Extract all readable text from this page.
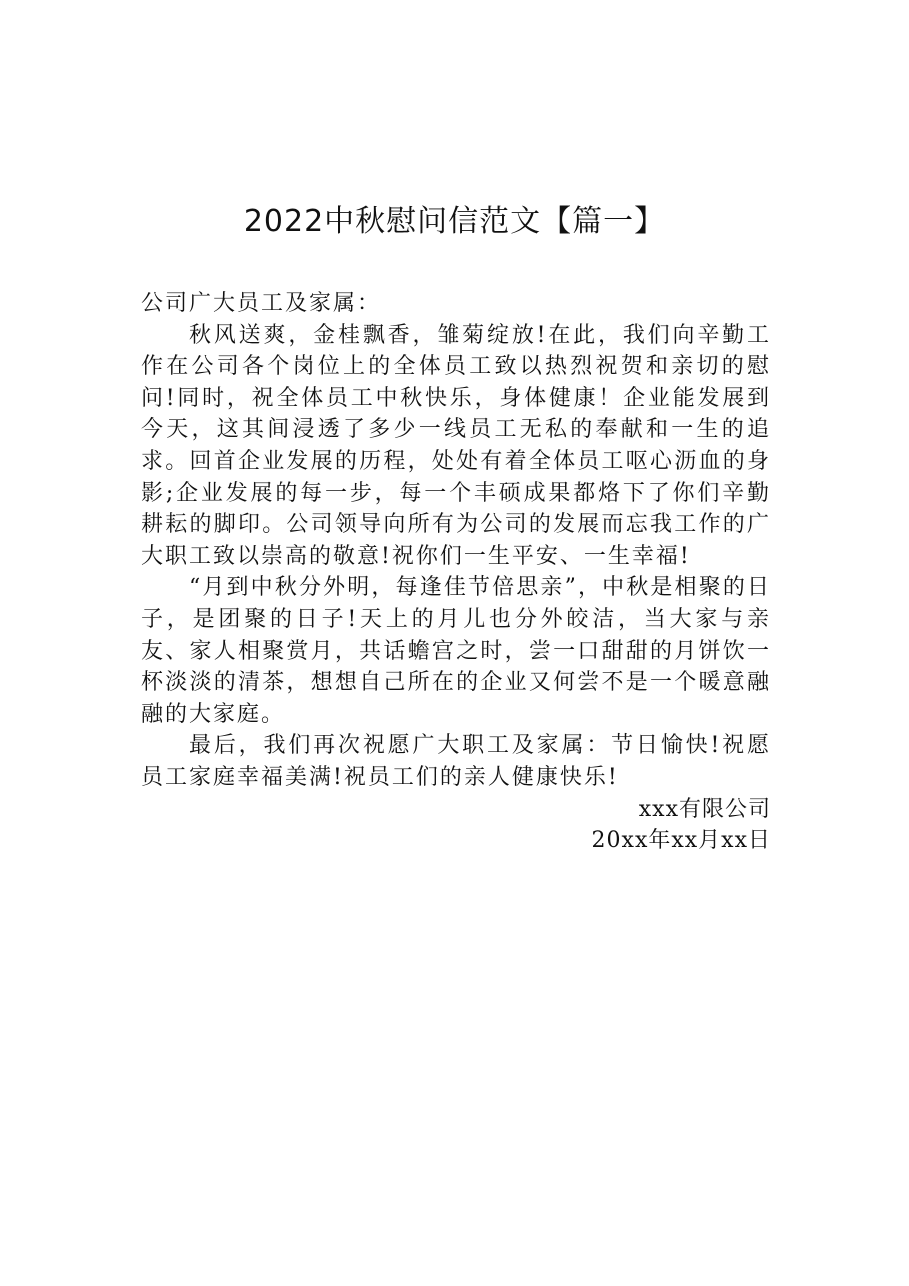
2022中秋慰问信范文【篇一】

公司广大员工及家属：

秋风送爽，金桂飘香，雏菊绽放!在此，我们向辛勤工作在公司各个岗位上的全体员工致以热烈祝贺和亲切的慰问!同时，祝全体员工中秋快乐，身体健康！企业能发展到今天，这其间浸透了多少一线员工无私的奉献和一生的追求。回首企业发展的历程，处处有着全体员工呕心沥血的身影;企业发展的每一步，每一个丰硕成果都烙下了你们辛勤耕耘的脚印。公司领导向所有为公司的发展而忘我工作的广大职工致以崇高的敬意!祝你们一生平安、一生幸福!

“月到中秋分外明，每逢佳节倍思亲”，中秋是相聚的日子，是团聚的日子!天上的月儿也分外皎洁，当大家与亲友、家人相聚赏月，共话蟾宫之时，尝一口甜甜的月饼饮一杯淡淡的清茶，想想自己所在的企业又何尝不是一个暖意融融的大家庭。

最后，我们再次祝愿广大职工及家属：节日愉快!祝愿员工家庭幸福美满!祝员工们的亲人健康快乐!

xxx有限公司

20xx年xx月xx日
